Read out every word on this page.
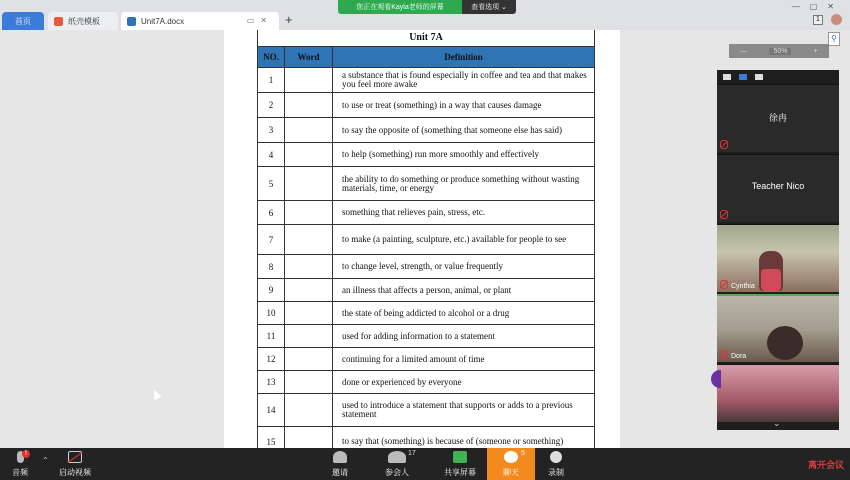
首页	纸壳模板	Unit7A.docx	▭✕ +
您正在观看Kayla老师的屏幕	查看选项 ⌄	—▢✕
1
Unit 7A		
NO.	Word	Definition
1		a substance that is found especially in coffee and tea and that makes you feel more awake
2		to use or treat (something) in a way that causes damage
3		to say the opposite of (something that someone else has said)
4		to help (something) run more smoothly and effectively
5		the ability to do something or produce something without wasting materials, time, or energy
6		something that relieves pain, stress, etc.
7		to make (a painting, sculpture, etc.) available for people to see
8		to change level, strength, or value frequently
9		an illness that affects a person, animal, or plant
10		the state of being addicted to alcohol or a drug
11		used for adding information to a statement
12		continuing for a limited amount of time
13		done or experienced by everyone
14		used to introduce a statement that supports or adds to a previous statement
15		to say that (something) is because of (someone or something)
⚲
—	50%	+
徐冉
Teacher Nico
Cynthia
Dora
⌄
!
音频
⌃
启动视频	邀请
17
参会人	共享屏幕
5
聊天	录制
离开会议
